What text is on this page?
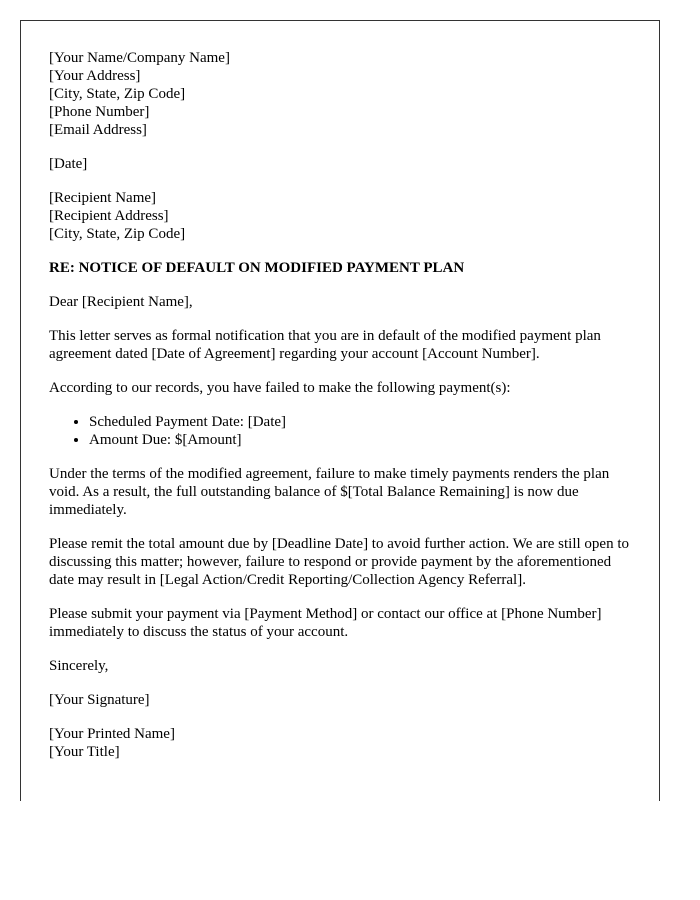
[Your Name/Company Name]
[Your Address]
[City, State, Zip Code]
[Phone Number]
[Email Address]
[Date]
[Recipient Name]
[Recipient Address]
[City, State, Zip Code]
RE: NOTICE OF DEFAULT ON MODIFIED PAYMENT PLAN

Dear [Recipient Name],

This letter serves as formal notification that you are in default of the modified payment plan agreement dated [Date of Agreement] regarding your account [Account Number].

According to our records, you have failed to make the following payment(s):

• Scheduled Payment Date: [Date]
• Amount Due: $[Amount]

Under the terms of the modified agreement, failure to make timely payments renders the plan void. As a result, the full outstanding balance of $[Total Balance Remaining] is now due immediately.

Please remit the total amount due by [Deadline Date] to avoid further action. We are still open to discussing this matter; however, failure to respond or provide payment by the aforementioned date may result in [Legal Action/Credit Reporting/Collection Agency Referral].

Please submit your payment via [Payment Method] or contact our office at [Phone Number] immediately to discuss the status of your account.

Sincerely,

[Your Signature]

[Your Printed Name]
[Your Title]
